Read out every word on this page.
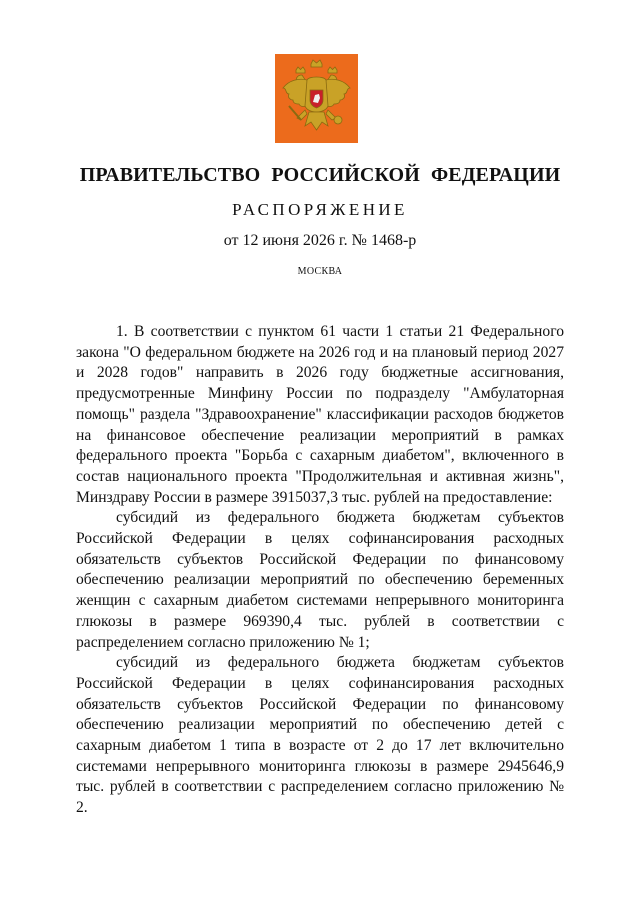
ПРАВИТЕЛЬСТВО РОССИЙСКОЙ ФЕДЕРАЦИИ

РАСПОРЯЖЕНИЕ

от 12 июня 2026 г. № 1468-р

МОСКВА

1. В соответствии с пунктом 61 части 1 статьи 21 Федерального закона "О федеральном бюджете на 2026 год и на плановый период 2027 и 2028 годов" направить в 2026 году бюджетные ассигнования, предусмотренные Минфину России по подразделу "Амбулаторная помощь" раздела "Здравоохранение" классификации расходов бюджетов на финансовое обеспечение реализации мероприятий в рамках федерального проекта "Борьба с сахарным диабетом", включенного в состав национального проекта "Продолжительная и активная жизнь", Минздраву России в размере 3915037,3 тыс. рублей на предоставление:

субсидий из федерального бюджета бюджетам субъектов Российской Федерации в целях софинансирования расходных обязательств субъектов Российской Федерации по финансовому обеспечению реализации мероприятий по обеспечению беременных женщин с сахарным диабетом системами непрерывного мониторинга глюкозы в размере 969390,4 тыс. рублей в соответствии с распределением согласно приложению № 1;

субсидий из федерального бюджета бюджетам субъектов Российской Федерации в целях софинансирования расходных обязательств субъектов Российской Федерации по финансовому обеспечению реализации мероприятий по обеспечению детей с сахарным диабетом 1 типа в возрасте от 2 до 17 лет включительно системами непрерывного мониторинга глюкозы в размере 2945646,9 тыс. рублей в соответствии с распределением согласно приложению № 2.
